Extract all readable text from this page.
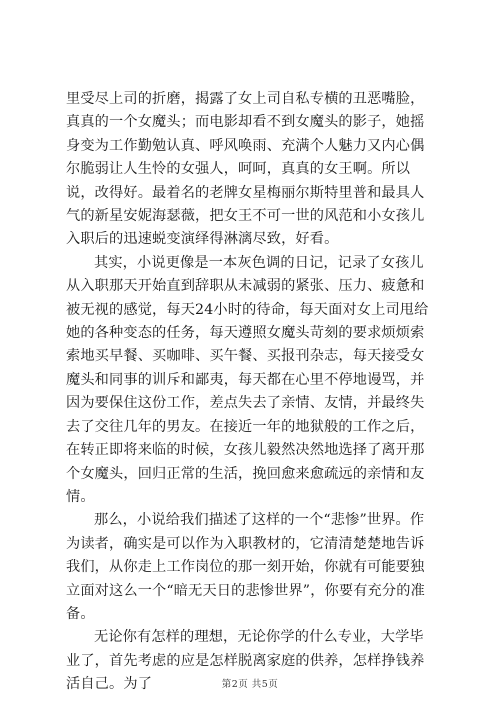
里受尽上司的折磨，揭露了女上司自私专横的丑恶嘴脸，真真的一个女魔头；而电影却看不到女魔头的影子，她摇身变为工作勤勉认真、呼风唤雨、充满个人魅力又内心偶尔脆弱让人生怜的女强人，呵呵，真真的女王啊。所以说，改得好。最着名的老牌女星梅丽尔斯特里普和最具人气的新星安妮海瑟薇，把女王不可一世的风范和小女孩儿入职后的迅速蜕变演绎得淋漓尽致，好看。

其实，小说更像是一本灰色调的日记，记录了女孩儿从入职那天开始直到辞职从未减弱的紧张、压力、疲惫和被无视的感觉，每天24小时的待命，每天面对女上司甩给她的各种变态的任务，每天遵照女魔头苛刻的要求烦烦索索地买早餐、买咖啡、买午餐、买报刊杂志，每天接受女魔头和同事的训斥和鄙夷，每天都在心里不停地谩骂，并因为要保住这份工作，差点失去了亲情、友情，并最终失去了交往几年的男友。在接近一年的地狱般的工作之后，在转正即将来临的时候，女孩儿毅然决然地选择了离开那个女魔头，回归正常的生活，挽回愈来愈疏远的亲情和友情。

那么，小说给我们描述了这样的一个“悲惨”世界。作为读者，确实是可以作为入职教材的，它清清楚楚地告诉我们，从你走上工作岗位的那一刻开始，你就有可能要独立面对这么一个“暗无天日的悲惨世界”，你要有充分的准备。

无论你有怎样的理想，无论你学的什么专业，大学毕业了，首先考虑的应是怎样脱离家庭的供养，怎样挣钱养活自己。为了	第2页 共5页
